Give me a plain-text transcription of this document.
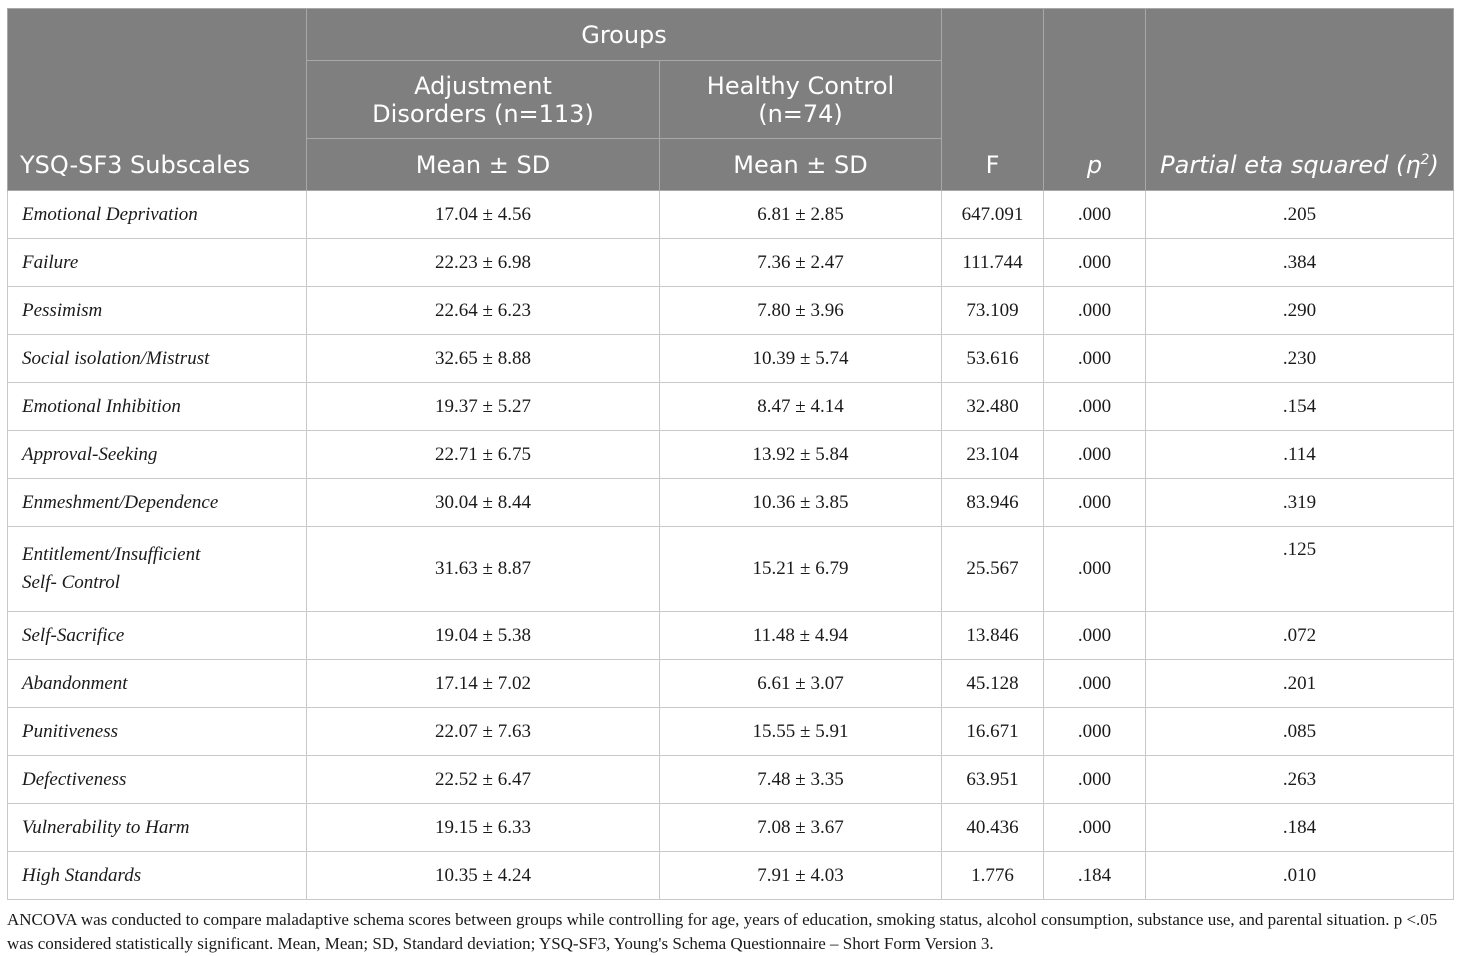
YSQ-SF3 Subscales	Groups		F	p	Partial eta squared $(\eta^2)$

	Adjustment Disorders (n=113)	Healthy Control (n=74)			

	Mean ± SD	Mean ± SD			
Emotional Deprivation	17.04 ± 4.56	6.81 ± 2.85	647.091	.000	.205
Failure	22.23 ± 6.98	7.36 ± 2.47	111.744	.000	.384
Pessimism	22.64 ± 6.23	7.80 ± 3.96	73.109	.000	.290
Social isolation/Mistrust	32.65 ± 8.88	10.39 ± 5.74	53.616	.000	.230
Emotional Inhibition	19.37 ± 5.27	8.47 ± 4.14	32.480	.000	.154
Approval-Seeking	22.71 ± 6.75	13.92 ± 5.84	23.104	.000	.114
Enmeshment/Dependence	30.04 ± 8.44	10.36 ± 3.85	83.946	.000	.319

Entitlement/Insufficient
Self- Control	31.63 ± 8.87	15.21 ± 6.79	25.567	.000	.125
Self-Sacrifice	19.04 ± 5.38	11.48 ± 4.94	13.846	.000	.072
Abandonment	17.14 ± 7.02	6.61 ± 3.07	45.128	.000	.201
Punitiveness	22.07 ± 7.63	15.55 ± 5.91	16.671	.000	.085
Defectiveness	22.52 ± 6.47	7.48 ± 3.35	63.951	.000	.263
Vulnerability to Harm	19.15 ± 6.33	7.08 ± 3.67	40.436	.000	.184
High Standards	10.35 ± 4.24	7.91 ± 4.03	1.776	.184	.010

ANCOVA was conducted to compare maladaptive schema scores between groups while controlling for age, years of education, smoking status, alcohol consumption, substance use, and parental situation. p <.05 was considered statistically significant. Mean, Mean; SD, Standard deviation; YSQ-SF3, Young's Schema Questionnaire – Short Form Version 3.
